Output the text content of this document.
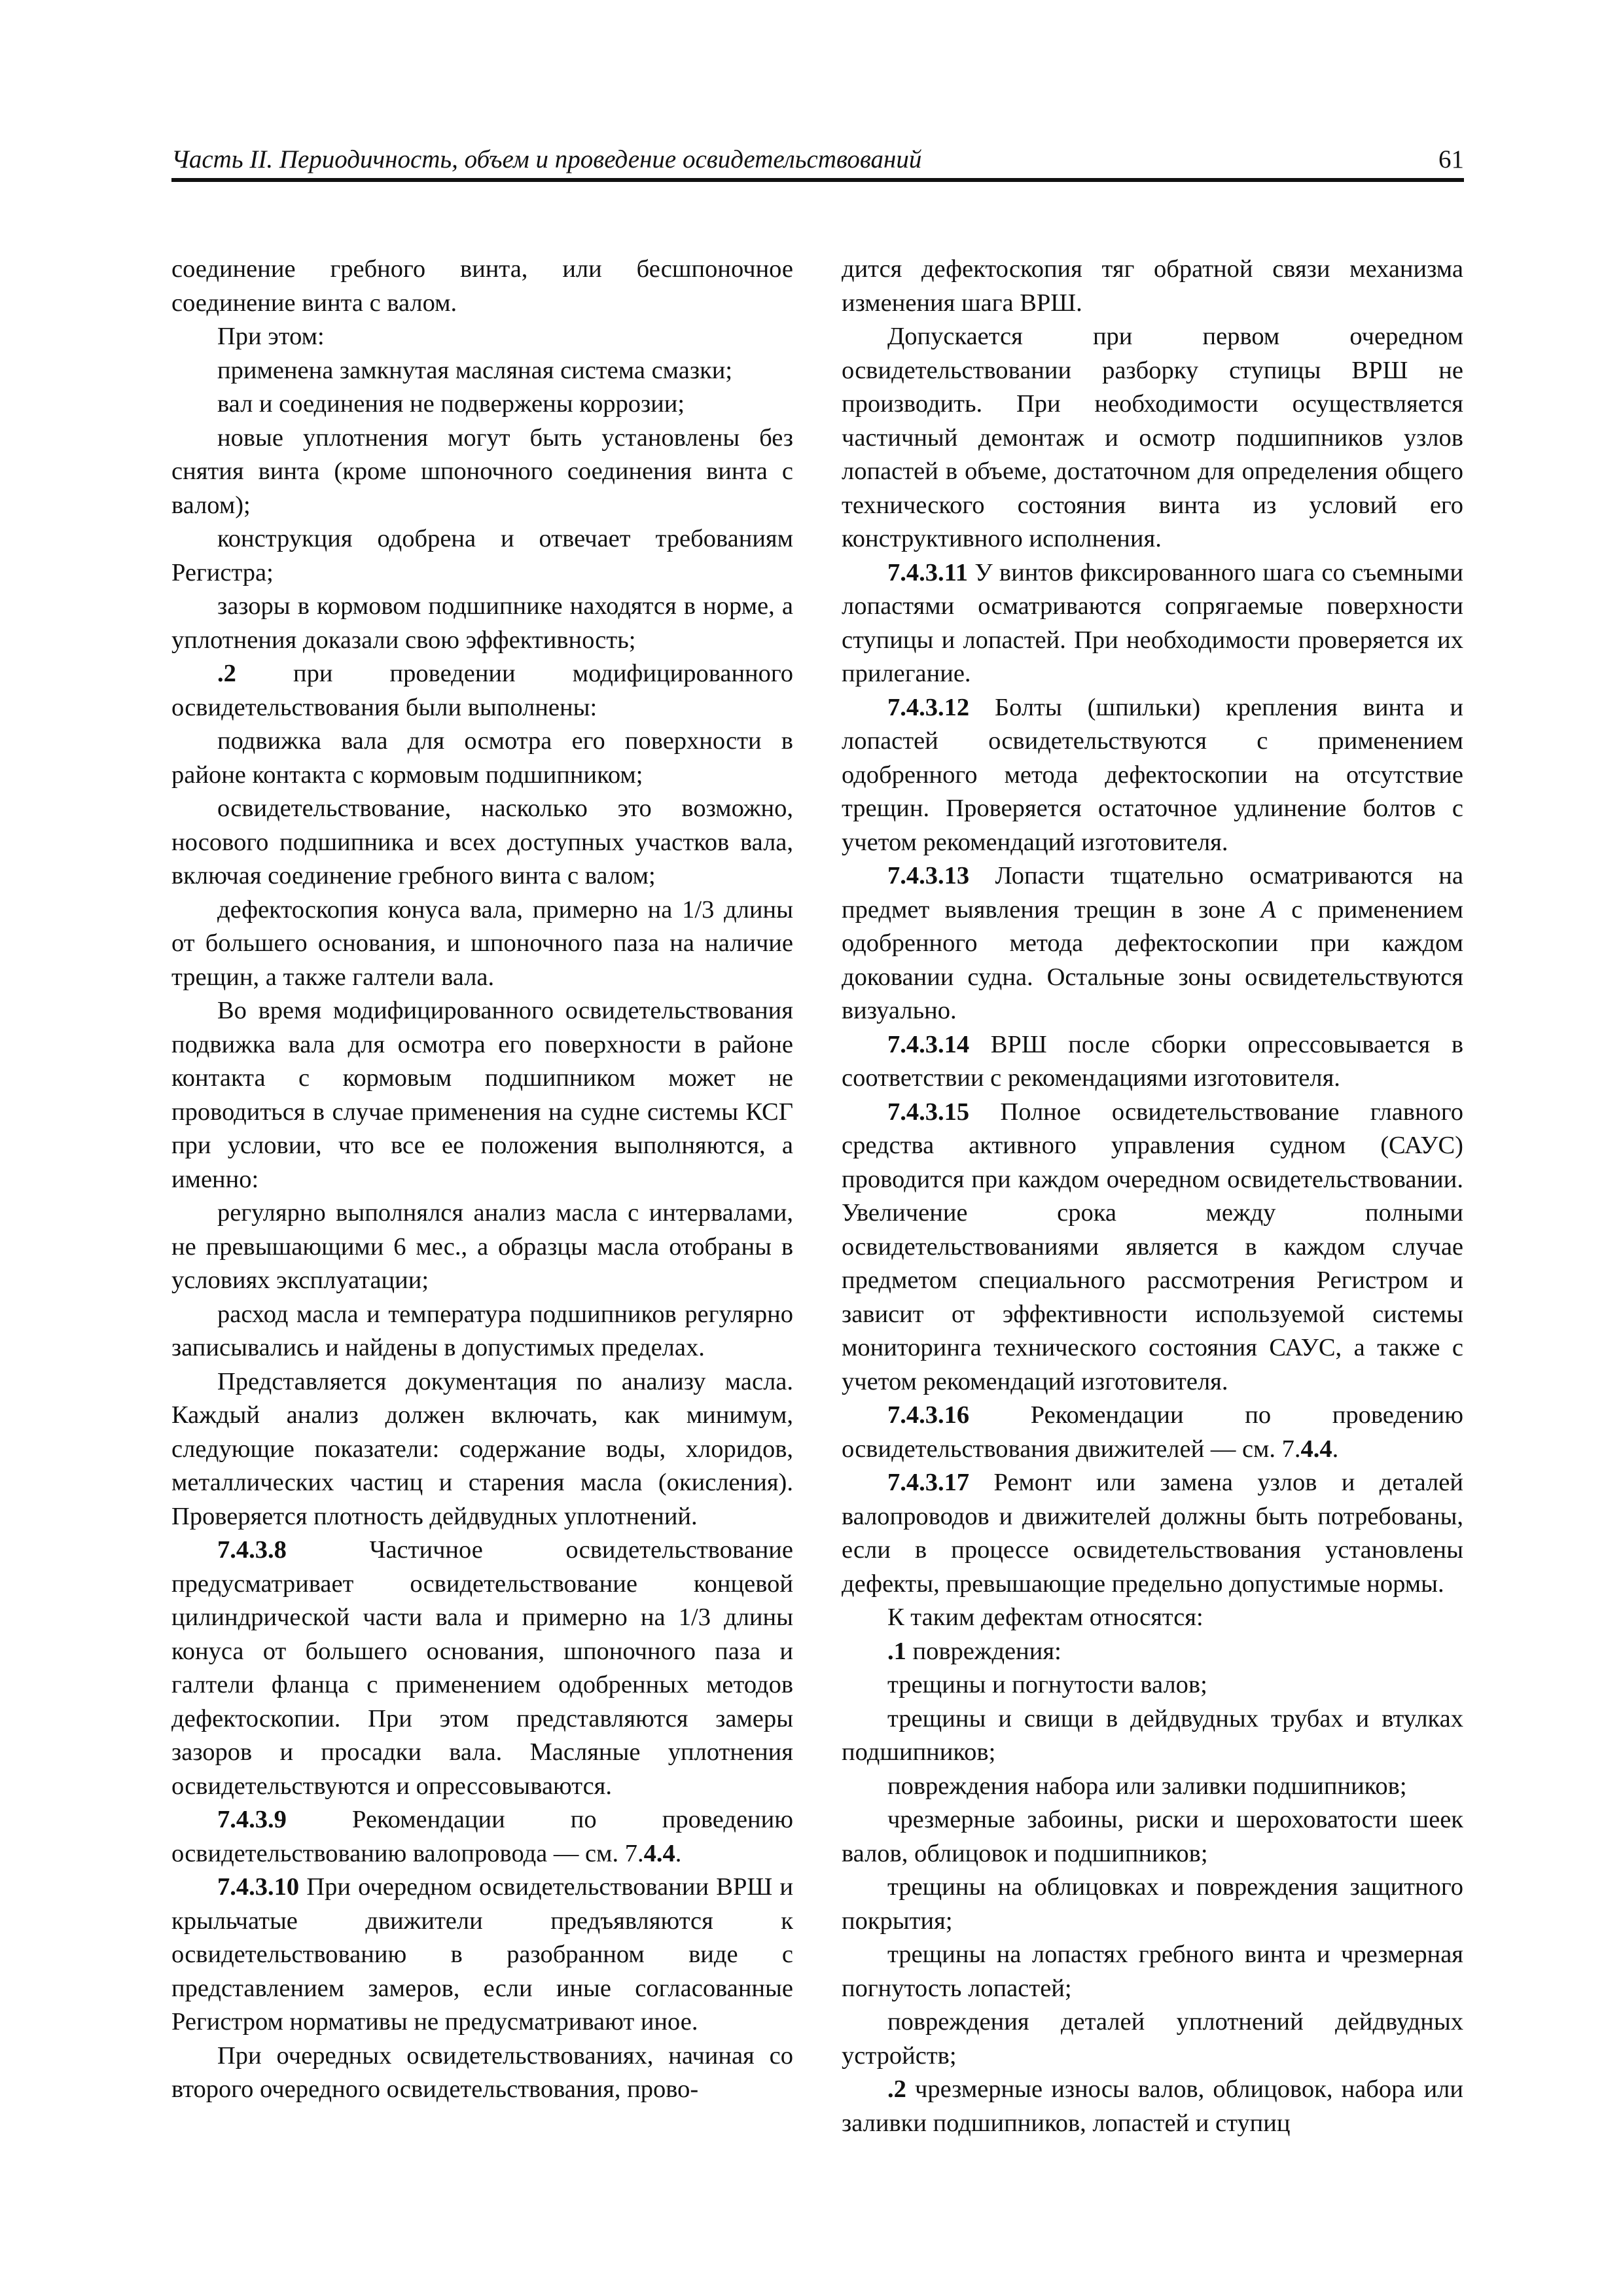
Часть II. Периодичность, объем и проведение освидетельствований	61

соединение гребного винта, или бесшпоночное соединение винта с валом.

При этом:

применена замкнутая масляная система смазки;

вал и соединения не подвержены коррозии;

новые уплотнения могут быть установлены без снятия винта (кроме шпоночного соединения винта с валом);

конструкция одобрена и отвечает требованиям Регистра;

зазоры в кормовом подшипнике находятся в норме, а уплотнения доказали свою эффективность;

.2 при проведении модифицированного освидетельствования были выполнены:

подвижка вала для осмотра его поверхности в районе контакта с кормовым подшипником;

освидетельствование, насколько это возможно, носового подшипника и всех доступных участков вала, включая соединение гребного винта с валом;

дефектоскопия конуса вала, примерно на 1/3 длины от большего основания, и шпоночного паза на наличие трещин, а также галтели вала.

Во время модифицированного освидетельствования подвижка вала для осмотра его поверхности в районе контакта с кормовым подшипником может не проводиться в случае применения на судне системы КСГ при условии, что все ее положения выполняются, а именно:

регулярно выполнялся анализ масла с интервалами, не превышающими 6 мес., а образцы масла отобраны в условиях эксплуатации;

расход масла и температура подшипников регулярно записывались и найдены в допустимых пределах.

Представляется документация по анализу масла. Каждый анализ должен включать, как минимум, следующие показатели: содержание воды, хлоридов, металлических частиц и старения масла (окисления). Проверяется плотность дейдвудных уплотнений.

7.4.3.8 Частичное освидетельствование предусматривает освидетельствование концевой цилиндрической части вала и примерно на 1/3 длины конуса от большего основания, шпоночного паза и галтели фланца с применением одобренных методов дефектоскопии. При этом представляются замеры зазоров и просадки вала. Масляные уплотнения освидетельствуются и опрессовываются.

7.4.3.9 Рекомендации по проведению освидетельствованию валопровода — см. 7.4.4.

7.4.3.10 При очередном освидетельствовании ВРШ и крыльчатые движители предъявляются к освидетельствованию в разобранном виде с представлением замеров, если иные согласованные Регистром нормативы не предусматривают иное.

При очередных освидетельствованиях, начиная со второго очередного освидетельствования, прово-

дится дефектоскопия тяг обратной связи механизма изменения шага ВРШ.

Допускается при первом очередном освидетельствовании разборку ступицы ВРШ не производить. При необходимости осуществляется частичный демонтаж и осмотр подшипников узлов лопастей в объеме, достаточном для определения общего технического состояния винта из условий его конструктивного исполнения.

7.4.3.11 У винтов фиксированного шага со съемными лопастями осматриваются сопрягаемые поверхности ступицы и лопастей. При необходимости проверяется их прилегание.

7.4.3.12 Болты (шпильки) крепления винта и лопастей освидетельствуются с применением одобренного метода дефектоскопии на отсутствие трещин. Проверяется остаточное удлинение болтов с учетом рекомендаций изготовителя.

7.4.3.13 Лопасти тщательно осматриваются на предмет выявления трещин в зоне А с применением одобренного метода дефектоскопии при каждом доковании судна. Остальные зоны освидетельствуются визуально.

7.4.3.14 ВРШ после сборки опрессовывается в соответствии с рекомендациями изготовителя.

7.4.3.15 Полное освидетельствование главного средства активного управления судном (САУС) проводится при каждом очередном освидетельствовании. Увеличение срока между полными освидетельствованиями является в каждом случае предметом специального рассмотрения Регистром и зависит от эффективности используемой системы мониторинга технического состояния САУС, а также с учетом рекомендаций изготовителя.

7.4.3.16 Рекомендации по проведению освидетельствования движителей — см. 7.4.4.

7.4.3.17 Ремонт или замена узлов и деталей валопроводов и движителей должны быть потребованы, если в процессе освидетельствования установлены дефекты, превышающие предельно допустимые нормы.

К таким дефектам относятся:

.1 повреждения:

трещины и погнутости валов;

трещины и свищи в дейдвудных трубах и втулках подшипников;

повреждения набора или заливки подшипников;

чрезмерные забоины, риски и шероховатости шеек валов, облицовок и подшипников;

трещины на облицовках и повреждения защитного покрытия;

трещины на лопастях гребного винта и чрезмерная погнутость лопастей;

повреждения деталей уплотнений дейдвудных устройств;

.2 чрезмерные износы валов, облицовок, набора или заливки подшипников, лопастей и ступиц
